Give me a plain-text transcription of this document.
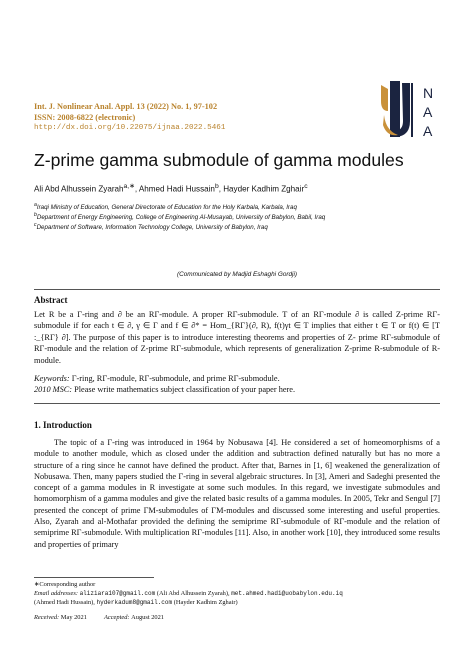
Int. J. Nonlinear Anal. Appl. 13 (2022) No. 1, 97-102
ISSN: 2008-6822 (electronic)
http://dx.doi.org/10.22075/ijnaa.2022.5461
N
A
A
Z-prime gamma submodule of gamma modules
Ali Abd Alhussein Zyarah$^{a,∗}$, Ahmed Hadi Hussain$^b$, Hayder Kadhim Zghair$^c$
$^a$Iraqi Ministry of Education, General Directorate of Education for the Holy Karbala, Karbala, Iraq
$^b$Department of Energy Engineering, College of Engineering Al-Musayab, University of Babylon, Babil, Iraq
$^c$Department of Software, Information Technology College, University of Babylon, Iraq
(Communicated by Madjid Eshaghi Gordji)
Abstract
Let R be a Γ-ring and ∂ be an RΓ-module. A proper RΓ-submodule. T of an RΓ-module ∂ is called Z-prime RΓ-submodule if for each t ∈ ∂, γ ∈ Γ and f ∈ ∂* = Hom_{RΓ}(∂, R), f(t)γt ∈ T implies that either t ∈ T or f(t) ∈ [T :_{RΓ} ∂]. The purpose of this paper is to introduce interesting theorems and properties of Z- prime RΓ-submodule of RΓ-module and the relation of Z-prime RΓ-submodule, which represents of generalization Z-prime R-submodule of R-module.
Keywords: Γ-ring, RΓ-module, RΓ-submodule, and prime RΓ-submodule.
2010 MSC: Please write mathematics subject classification of your paper here.
1. Introduction

The topic of a Γ-ring was introduced in 1964 by Nobusawa [4]. He considered a set of homeomorphisms of a module to another module, which as closed under the addition and subtraction defined naturally but has no more a structure of a ring since he cannot have defined the product. After that, Barnes in [1, 6] weakened the generalization of Nobusawa. Then, many papers studied the Γ-ring in several algebraic structures. In [3], Ameri and Sadeghi presented the concept of a gamma modules in R investigate at some such modules. In this regard, we investigate submodules and homomorphism of a gamma modules and give the related basic results of a gamma modules. In 2005, Tekr and Sengul [7] presented the concept of prime ΓM-submodules of ΓM-modules and discussed some interesting and useful properties. Also, Zyarah and al-Mothafar provided the defining the semiprime RΓ-submodule of RΓ-module and the relation of semiprime RΓ-submodule. With multiplication RΓ-modules [11]. Also, in another work [10], they introduced some results and properties of primary

∗Corresponding author
Email addresses: aliziara107@gmail.com (Ali Abd Alhussein Zyarah), met.ahmed.hadi@uobabylon.edu.iq
(Ahmed Hadi Hussain), hyderkadum8@gmail.com (Hayder Kadhim Zghair)
Received: May 2021	Accepted: August 2021
